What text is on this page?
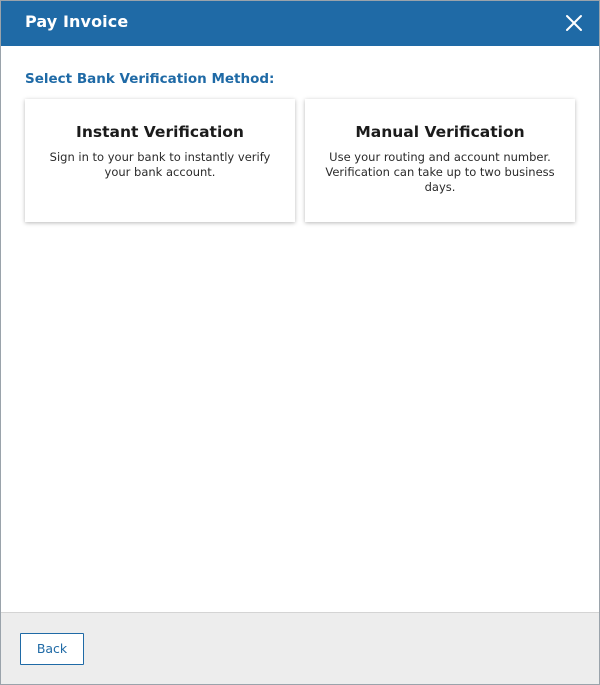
Pay Invoice
Select Bank Verification Method:
Instant Verification
Sign in to your bank to instantly verify your bank account.
Manual Verification
Use your routing and account number. Verification can take up to two business days.
Back
